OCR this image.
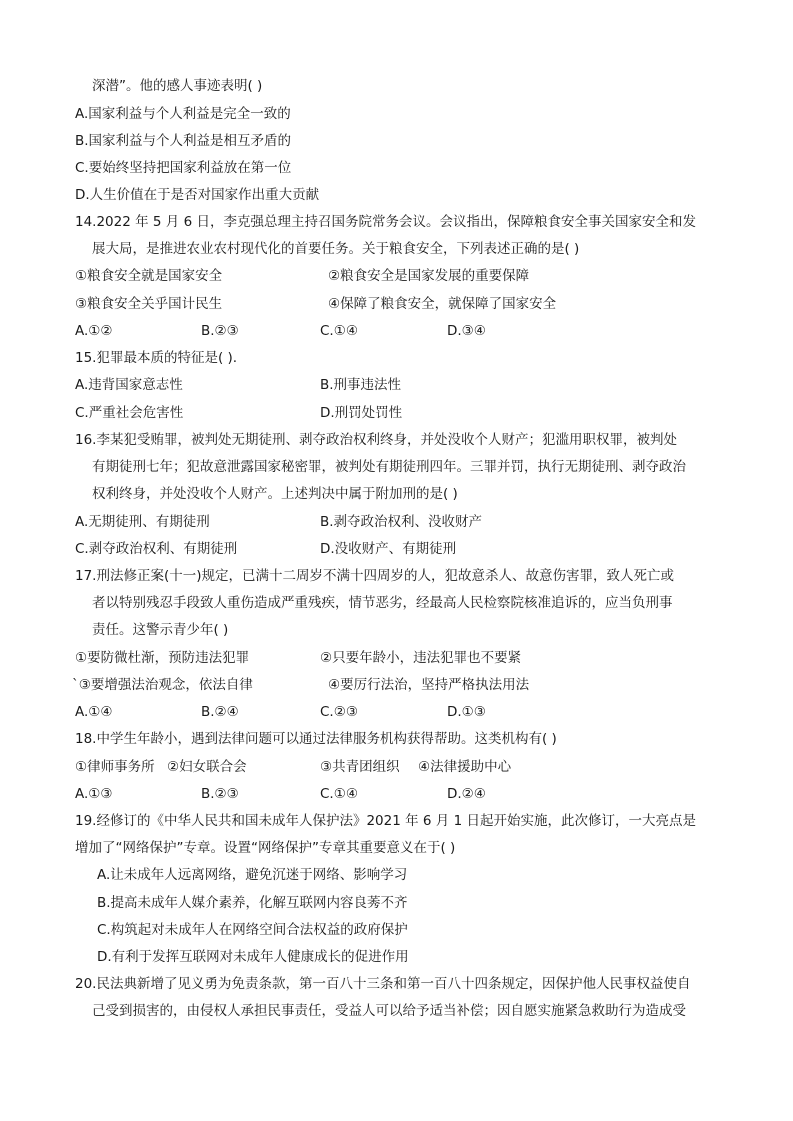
深潜”。他的感人事迹表明( )
A.国家利益与个人利益是完全一致的
B.国家利益与个人利益是相互矛盾的
C.要始终坚持把国家利益放在第一位
D.人生价值在于是否对国家作出重大贡献
14.2022 年 5 月 6 日，李克强总理主持召国务院常务会议。会议指出，保障粮食安全事关国家安全和发
展大局，是推进农业农村现代化的首要任务。关于粮食安全，下列表述正确的是( )
①粮食安全就是国家安全	②粮食安全是国家发展的重要保障
③粮食安全关乎国计民生	④保障了粮食安全，就保障了国家安全
A.①②	B.②③	C.①④	D.③④
15.犯罪最本质的特征是( ).
A.违背国家意志性	B.刑事违法性
C.严重社会危害性	D.刑罚处罚性
16.李某犯受贿罪，被判处无期徒刑、剥夺政治权利终身，并处没收个人财产；犯滥用职权罪，被判处
有期徒刑七年；犯故意泄露国家秘密罪，被判处有期徒刑四年。三罪并罚，执行无期徒刑、剥夺政治
权利终身，并处没收个人财产。上述判决中属于附加刑的是( )
A.无期徒刑、有期徒刑	B.剥夺政治权利、没收财产
C.剥夺政治权利、有期徒刑	D.没收财产、有期徒刑
17.刑法修正案(十一)规定，已满十二周岁不满十四周岁的人，犯故意杀人、故意伤害罪，致人死亡或
者以特别残忍手段致人重伤造成严重残疾，情节恶劣，经最高人民检察院核准追诉的，应当负刑事
责任。这警示青少年( )
①要防微杜渐，预防违法犯罪	②只要年龄小，违法犯罪也不要紧
`③要增强法治观念，依法自律	④要厉行法治，坚持严格执法用法
A.①④	B.②④	C.②③	D.①③
18.中学生年龄小，遇到法律问题可以通过法律服务机构获得帮助。这类机构有( )
①律师事务所 ②妇女联合会	③共青团组织 ④法律援助中心
A.①③	B.②③	C.①④	D.②④
19.经修订的《中华人民共和国未成年人保护法》2021 年 6 月 1 日起开始实施，此次修订，一大亮点是
增加了“网络保护”专章。设置“网络保护”专章其重要意义在于( )
A.让未成年人远离网络，避免沉迷于网络、影响学习
B.提高未成年人媒介素养，化解互联网内容良莠不齐
C.构筑起对未成年人在网络空间合法权益的政府保护
D.有利于发挥互联网对未成年人健康成长的促进作用
20.民法典新增了见义勇为免责条款，第一百八十三条和第一百八十四条规定，因保护他人民事权益使自
己受到损害的，由侵权人承担民事责任，受益人可以给予适当补偿；因自愿实施紧急救助行为造成受
